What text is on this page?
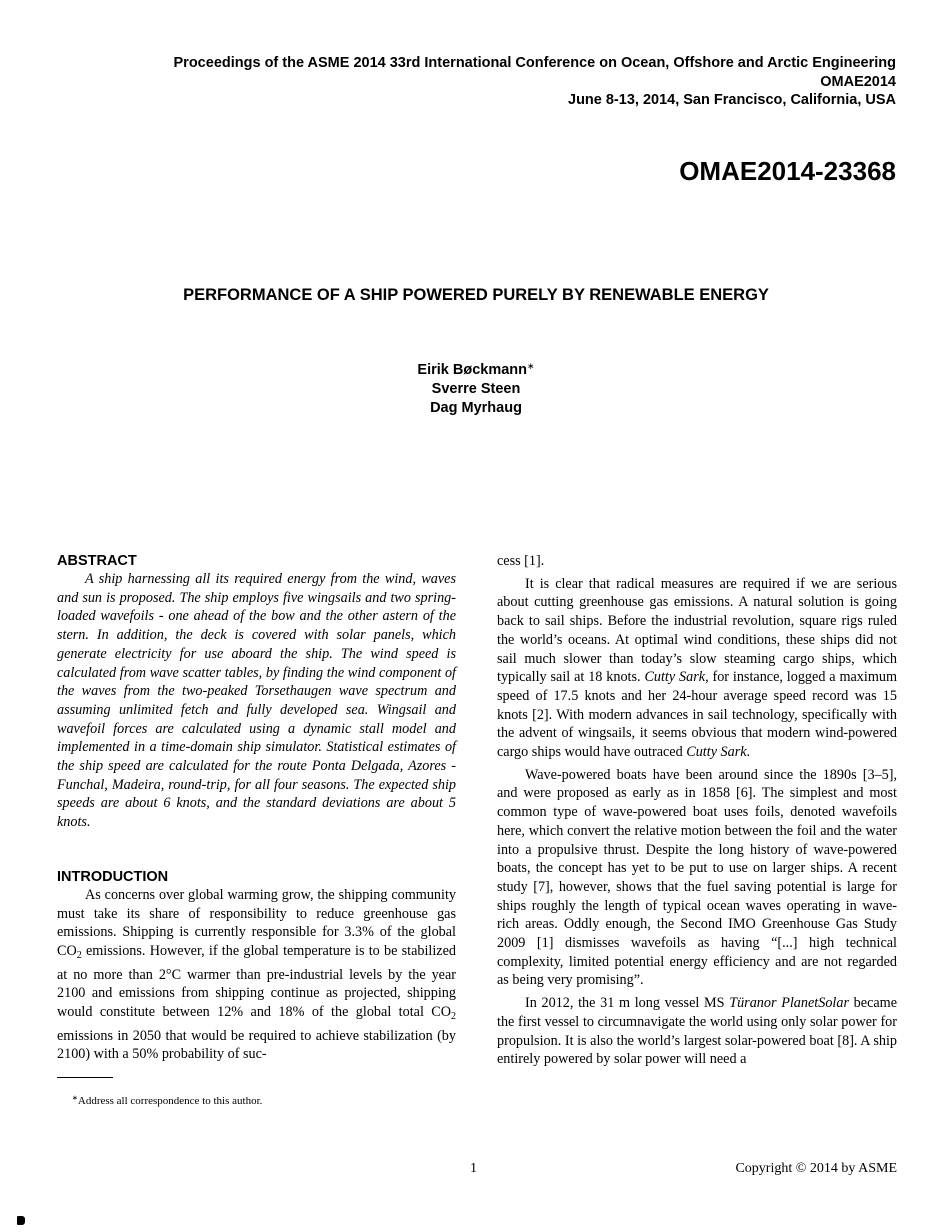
Proceedings of the ASME 2014 33rd International Conference on Ocean, Offshore and Arctic Engineering
OMAE2014
June 8-13, 2014, San Francisco, California, USA
OMAE2014-23368
PERFORMANCE OF A SHIP POWERED PURELY BY RENEWABLE ENERGY
Eirik Bøckmann∗
Sverre Steen
Dag Myrhaug
ABSTRACT

A ship harnessing all its required energy from the wind, waves and sun is proposed. The ship employs five wingsails and two spring-loaded wavefoils - one ahead of the bow and the other astern of the stern. In addition, the deck is covered with solar panels, which generate electricity for use aboard the ship. The wind speed is calculated from wave scatter tables, by finding the wind component of the waves from the two-peaked Torsethaugen wave spectrum and assuming unlimited fetch and fully developed sea. Wingsail and wavefoil forces are calculated using a dynamic stall model and implemented in a time-domain ship simulator. Statistical estimates of the ship speed are calculated for the route Ponta Delgada, Azores - Funchal, Madeira, round-trip, for all four seasons. The expected ship speeds are about 6 knots, and the standard deviations are about 5 knots.

INTRODUCTION

As concerns over global warming grow, the shipping community must take its share of responsibility to reduce greenhouse gas emissions. Shipping is currently responsible for 3.3% of the global $CO_2$ emissions. However, if the global temperature is to be stabilized at no more than 2°C warmer than pre-industrial levels by the year 2100 and emissions from shipping continue as projected, shipping would constitute between 12% and 18% of the global total $CO_2$ emissions in 2050 that would be required to achieve stabilization (by 2100) with a 50% probability of suc-

cess [1].

It is clear that radical measures are required if we are serious about cutting greenhouse gas emissions. A natural solution is going back to sail ships. Before the industrial revolution, square rigs ruled the world’s oceans. At optimal wind conditions, these ships did not sail much slower than today’s slow steaming cargo ships, which typically sail at 18 knots. Cutty Sark, for instance, logged a maximum speed of 17.5 knots and her 24-hour average speed record was 15 knots [2]. With modern advances in sail technology, specifically with the advent of wingsails, it seems obvious that modern wind-powered cargo ships would have outraced Cutty Sark.

Wave-powered boats have been around since the 1890s [3–5], and were proposed as early as in 1858 [6]. The simplest and most common type of wave-powered boat uses foils, denoted wavefoils here, which convert the relative motion between the foil and the water into a propulsive thrust. Despite the long history of wave-powered boats, the concept has yet to be put to use on larger ships. A recent study [7], however, shows that the fuel saving potential is large for ships roughly the length of typical ocean waves operating in wave-rich areas. Oddly enough, the Second IMO Greenhouse Gas Study 2009 [1] dismisses wavefoils as having “[...] high technical complexity, limited potential energy efficiency and are not regarded as being very promising”.

In 2012, the 31 m long vessel MS Türanor PlanetSolar became the first vessel to circumnavigate the world using only solar power for propulsion. It is also the world’s largest solar-powered boat [8]. A ship entirely powered by solar power will need a

∗Address all correspondence to this author.
1	Copyright © 2014 by ASME
